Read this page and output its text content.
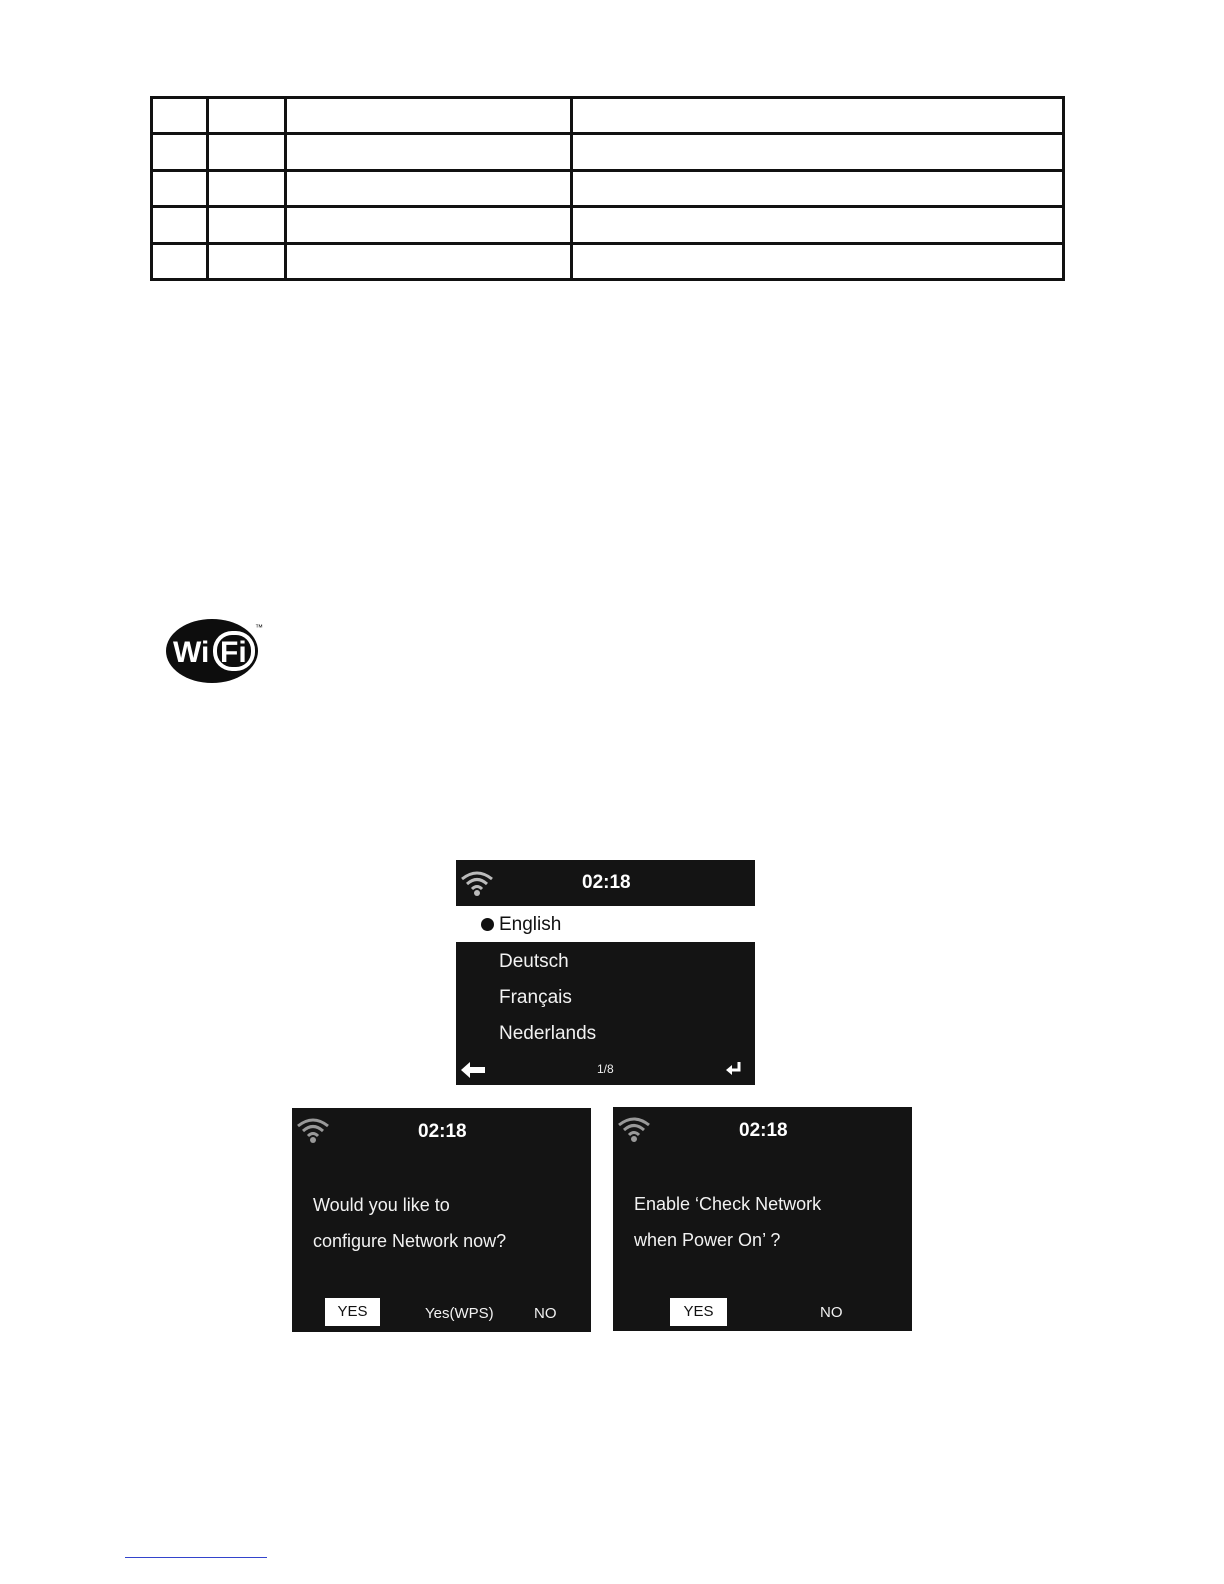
Wi Fi
™
02:18
English
Deutsch
Français
Nederlands
1/8
02:18
Would you like to
configure Network now?
YES	Yes(WPS)	NO
02:18
Enable ‘Check Network
when Power On’ ?
YES	NO
